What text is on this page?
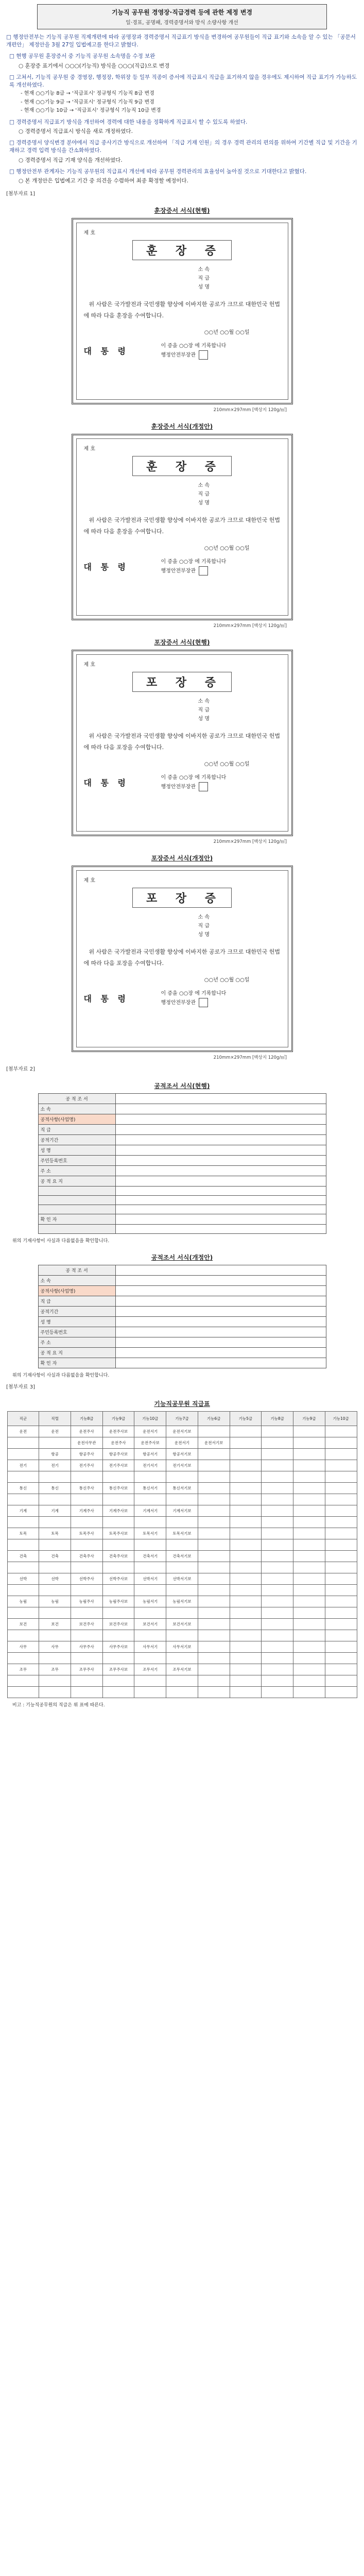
기능직 공무원 경영장·직급경력 등에 관한 제정 변경
일·경표, 공명패, 경력증명서와 방식 소량사항 개선
□ 행정안전부는 기능직 공무원 직제개편에 따라 공명장과 경력증명서 직급표기 방식을 변경하여 공무원들이 직급 표기와 소속을 알 수 있는 「공문서개편안」 제정안을 3월 27일 입법예고를 한다고 밝혔다.
□ 현행 공무원 훈장증서 중 기능직 공무원 소속명을 수정 보완
○ 훈장증 표기에서 ○○○(기능직) 방식을 ○○○(직급)으로 변경
□ 고쳐서, 기능직 공무원 중 경영장, 행정장, 학위장 등 일부 직종이 증서에 직급표시 직급을 표기하지 않을 경우에도 제시하여 직급 표기가 가능하도록 개선하였다.
- 현재 ○○기능 8급 → '직급표시' 정규형식 기능직 8급 변경
- 현재 ○○기능 9급 → '직급표시' 정규형식 기능직 9급 변경
- 현재 ○○기능 10급 → '직급표시' 정규형식 기능직 10급 변경
□ 경력증명서 직급표기 방식을 개선하여 경력에 대한 내용을 정확하게 직급표시 할 수 있도록 하였다.
○ 경력증명서 직급표시 방식을 새로 개정하였다.
□ 경력증명서 양식변경 분야에서 직급 종사기간 방식으로 개선하여 「직급 기재 인원」의 경우 경력 관리의 편의를 위하여 기간별 직급 및 기간을 기재하고 경력 입력 방식을 간소화하였다.
○ 경력증명서 직급 기재 양식을 개선하였다.
□ 행정안전부 관계자는 기능직 공무원의 직급표시 개선에 따라 공무원 경력관리의 효율성이 높아질 것으로 기대한다고 밝혔다.
○ 본 개정안은 입법예고 기간 중 의견을 수렴하여 최종 확정할 예정이다.
[첨부자료 1]
훈장증서 서식(현행)
제 호
훈 장 증
소 속
직 급
성 명
위 사람은 국가발전과 국민생활 향상에 이바지한 공로가 크므로 대한민국 헌법에 따라 다음 훈장을 수여합니다.
○○년 ○○월 ○○일
대 통 령
이 증을 ○○장 에 기록합니다
행정안전부장관
210mm×297mm [백상지 120g/㎡]
훈장증서 서식(개정안)
제 호
훈 장 증
소 속
직 급
성 명
위 사람은 국가발전과 국민생활 향상에 이바지한 공로가 크므로 대한민국 헌법에 따라 다음 훈장을 수여합니다.
○○년 ○○월 ○○일
대 통 령
이 증을 ○○장 에 기록합니다
행정안전부장관
210mm×297mm [백상지 120g/㎡]
포장증서 서식(현행)
제 호
포 장 증
소 속
직 급
성 명
위 사람은 국가발전과 국민생활 향상에 이바지한 공로가 크므로 대한민국 헌법에 따라 다음 포장을 수여합니다.
○○년 ○○월 ○○일
대 통 령
이 증을 ○○장 에 기록합니다
행정안전부장관
210mm×297mm [백상지 120g/㎡]
포장증서 서식(개정안)
제 호
포 장 증
소 속
직 급
성 명
위 사람은 국가발전과 국민생활 향상에 이바지한 공로가 크므로 대한민국 헌법에 따라 다음 포장을 수여합니다.
○○년 ○○월 ○○일
대 통 령
이 증을 ○○장 에 기록합니다
행정안전부장관
210mm×297mm [백상지 120g/㎡]
[첨부자료 2]
공적조서 서식(현행)
공 적 조 서	
소 속	
공적사항(사업명)	
직 급	
공적기간	
성 명	
주민등록번호	
주 소	
공 적 요 지	

확 인 자	

위의 기재사항이 사실과 다름없음을 확인합니다.
공적조서 서식(개정안)
공 적 조 서	
소 속	
공적사항(사업명)	
직 급	
공적기간	
성 명	
주민등록번호	
주 소	
공 적 요 지	
확 인 자	
위의 기재사항이 사실과 다름없음을 확인합니다.
[첨부자료 3]
기능직공무원 직급표
직군	직렬	기능8급	기능9급	기능10급	기능7급	기능6급	기능5급	기능8급	기능9급	기능10급
운전	운전	운전주사	운전주사보	운전서기	운전서기보					
		운전사무관	운전주사	운전주사보	운전서기	운전서기보				
	항공	항공주사	항공주사보	항공서기	항공서기보					
전기	전기	전기주사	전기주사보	전기서기	전기서기보					

통신	통신	통신주사	통신주사보	통신서기	통신서기보					

기계	기계	기계주사	기계주사보	기계서기	기계서기보					

토목	토목	토목주사	토목주사보	토목서기	토목서기보					

건축	건축	건축주사	건축주사보	건축서기	건축서기보					

선박	선박	선박주사	선박주사보	선박서기	선박서기보					

농림	농림	농림주사	농림주사보	농림서기	농림서기보					

보건	보건	보건주사	보건주사보	보건서기	보건서기보					

사무	사무	사무주사	사무주사보	사무서기	사무서기보					

조무	조무	조무주사	조무주사보	조무서기	조무서기보					

비고 : 기능직공무원의 직급은 위 표에 따른다.
